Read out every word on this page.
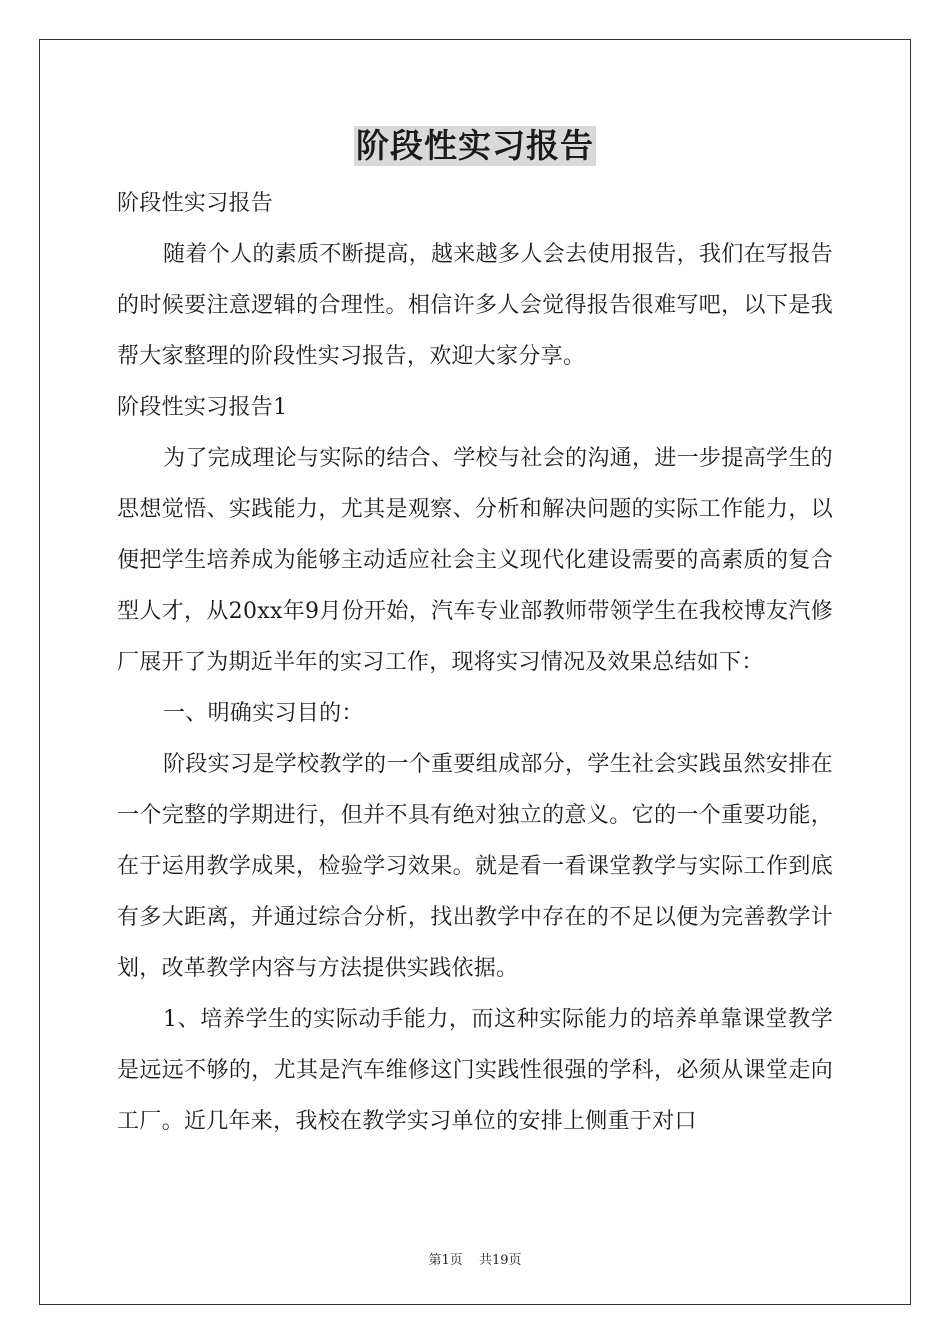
阶段性实习报告

阶段性实习报告

随着个人的素质不断提高，越来越多人会去使用报告，我们在写报告的时候要注意逻辑的合理性。相信许多人会觉得报告很难写吧，以下是我帮大家整理的阶段性实习报告，欢迎大家分享。

阶段性实习报告1

为了完成理论与实际的结合、学校与社会的沟通，进一步提高学生的思想觉悟、实践能力，尤其是观察、分析和解决问题的实际工作能力，以便把学生培养成为能够主动适应社会主义现代化建设需要的高素质的复合型人才，从20xx年9月份开始，汽车专业部教师带领学生在我校博友汽修厂展开了为期近半年的实习工作，现将实习情况及效果总结如下：

一、明确实习目的：

阶段实习是学校教学的一个重要组成部分，学生社会实践虽然安排在一个完整的学期进行，但并不具有绝对独立的意义。它的一个重要功能，在于运用教学成果，检验学习效果。就是看一看课堂教学与实际工作到底有多大距离，并通过综合分析，找出教学中存在的不足以便为完善教学计划，改革教学内容与方法提供实践依据。

1、培养学生的实际动手能力，而这种实际能力的培养单靠课堂教学是远远不够的，尤其是汽车维修这门实践性很强的学科，必须从课堂走向工厂。近几年来，我校在教学实习单位的安排上侧重于对口

第1页 共19页
